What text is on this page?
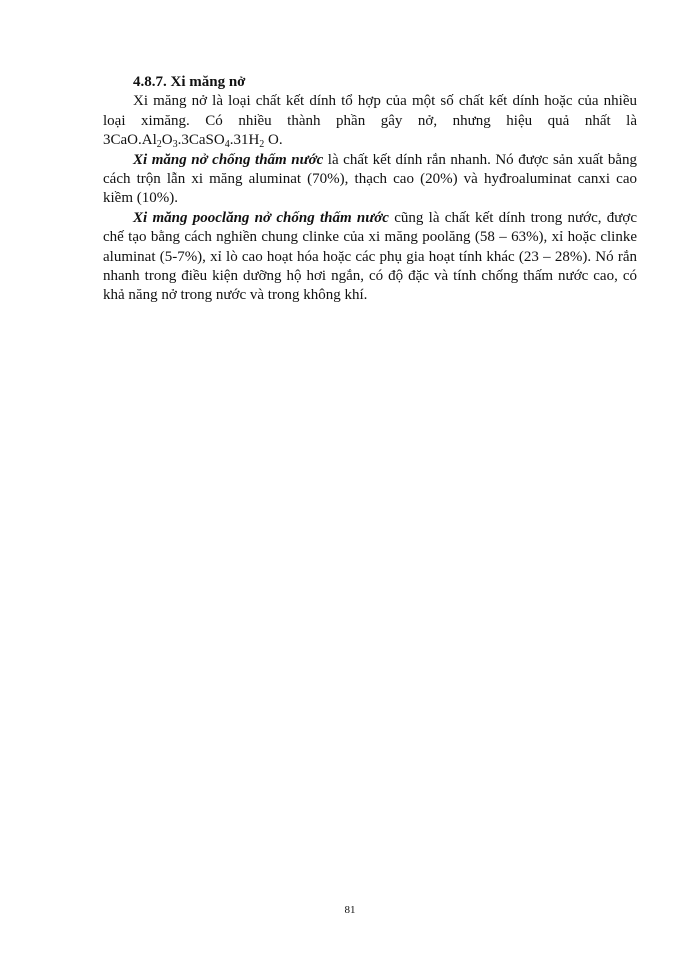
4.8.7. Xi măng nở

Xi măng nở là loại chất kết dính tổ hợp của một số chất kết dính hoặc của nhiều loại ximăng. Có nhiều thành phần gây nở, nhưng hiệu quả nhất là $3CaO.Al_2O_3.3CaSO_4.31H_2$ O.

Xi măng nở chống thấm nước là chất kết dính rắn nhanh. Nó được sản xuất bằng cách trộn lẫn xi măng aluminat (70%), thạch cao (20%) và hyđroaluminat canxi cao kiềm (10%).

Xi măng pooclăng nở chống thấm nước cũng là chất kết dính trong nước, được chế tạo bằng cách nghiền chung clinke của xi măng poolăng (58 – 63%), xỉ hoặc clinke aluminat (5-7%), xỉ lò cao hoạt hóa hoặc các phụ gia hoạt tính khác (23 – 28%). Nó rắn nhanh trong điều kiện dưỡng hộ hơi ngắn, có độ đặc và tính chống thấm nước cao, có khả năng nở trong nước và trong không khí.

81
